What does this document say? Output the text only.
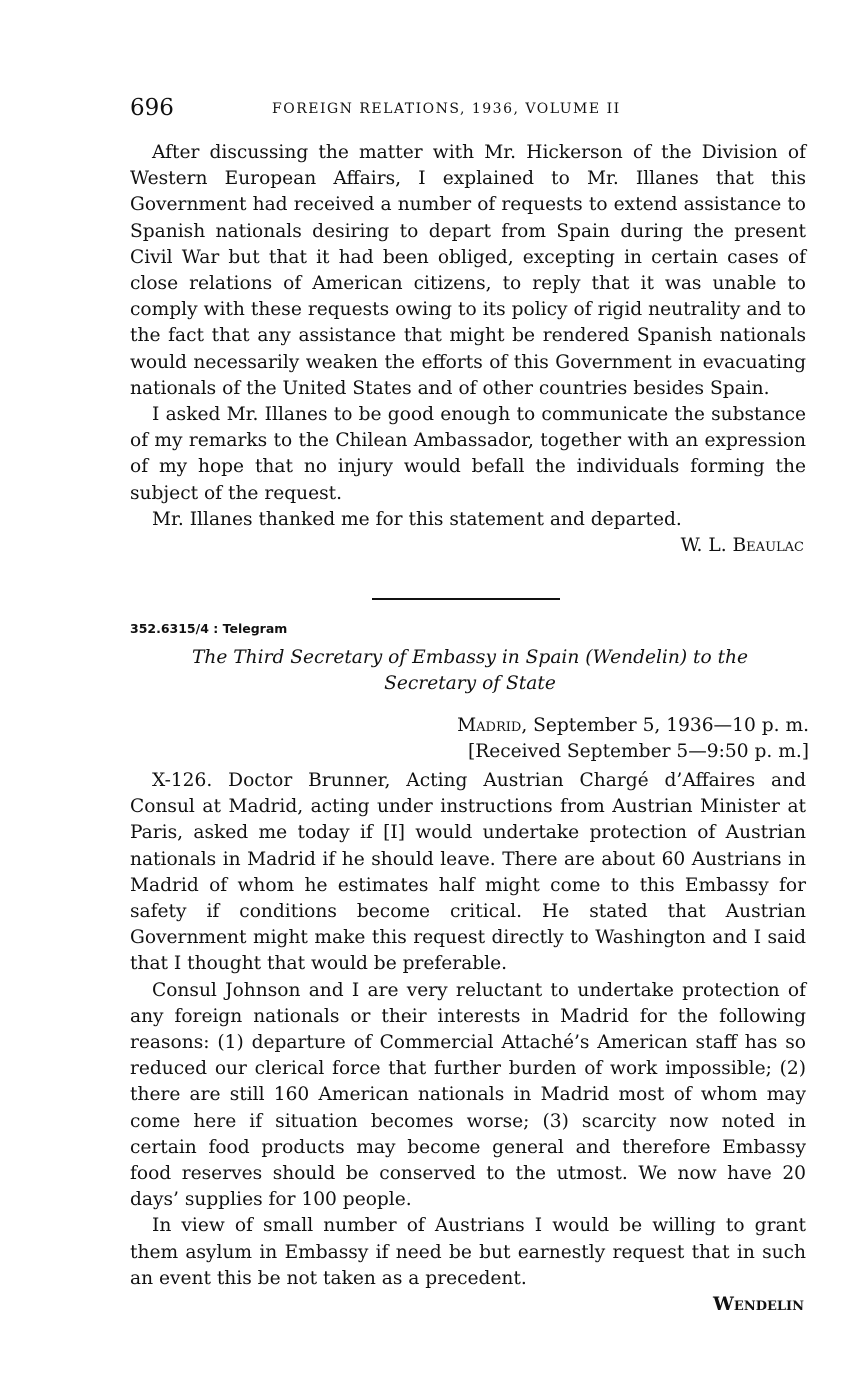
696	FOREIGN RELATIONS, 1936, VOLUME II

After discussing the matter with Mr. Hickerson of the Division of Western European Affairs, I explained to Mr. Illanes that this Government had received a number of requests to extend assistance to Spanish nationals desiring to depart from Spain during the present Civil War but that it had been obliged, excepting in certain cases of close relations of American citizens, to reply that it was unable to comply with these requests owing to its policy of rigid neutrality and to the fact that any assistance that might be rendered Spanish nationals would necessarily weaken the efforts of this Government in evacuating nationals of the United States and of other countries besides Spain.

I asked Mr. Illanes to be good enough to communicate the substance of my remarks to the Chilean Ambassador, together with an expression of my hope that no injury would befall the individuals forming the subject of the request.

Mr. Illanes thanked me for this statement and departed.

W. L. Beaulac

352.6315/4 : Telegram
The Third Secretary of Embassy in Spain (Wendelin) to the
Secretary of State
Madrid, September 5, 1936—10 p. m.
[Received September 5—9:50 p. m.]

X-126. Doctor Brunner, Acting Austrian Chargé d’Affaires and Consul at Madrid, acting under instructions from Austrian Minister at Paris, asked me today if [I] would undertake protection of Austrian nationals in Madrid if he should leave. There are about 60 Austrians in Madrid of whom he estimates half might come to this Embassy for safety if conditions become critical. He stated that Austrian Government might make this request directly to Washington and I said that I thought that would be preferable.

Consul Johnson and I are very reluctant to undertake protection of any foreign nationals or their interests in Madrid for the following reasons: (1) departure of Commercial Attaché’s American staff has so reduced our clerical force that further burden of work impossible; (2) there are still 160 American nationals in Madrid most of whom may come here if situation becomes worse; (3) scarcity now noted in certain food products may become general and therefore Embassy food reserves should be conserved to the utmost. We now have 20 days’ supplies for 100 people.

In view of small number of Austrians I would be willing to grant them asylum in Embassy if need be but earnestly request that in such an event this be not taken as a precedent.

Wendelin
